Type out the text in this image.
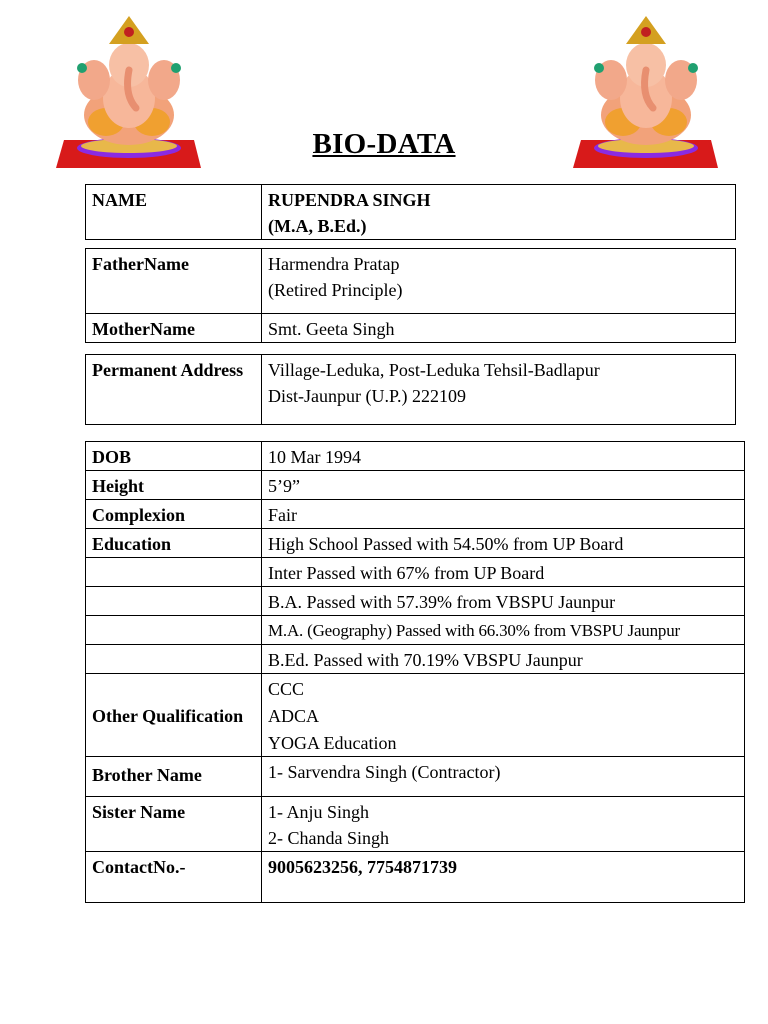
BIO-DATA
NAME	RUPENDRA SINGH
(M.A, B.Ed.)
FatherName	Harmendra Pratap
(Retired Principle)

MotherName	Smt. Geeta Singh
Permanent Address	Village-Leduka, Post-Leduka Tehsil-Badlapur
Dist-Jaunpur (U.P.) 222109
DOB	10 Mar 1994
Height	5’9”
Complexion	Fair
Education	High School Passed with 54.50% from UP Board
	Inter Passed with 67% from UP Board
	B.A. Passed with 57.39% from VBSPU Jaunpur
	M.A. (Geography) Passed with 66.30% from VBSPU Jaunpur
	B.Ed. Passed with 70.19% VBSPU Jaunpur
Other Qualification	CCC
ADCA
YOGA Education

Brother Name	1- Sarvendra Singh (Contractor)
Sister Name	1- Anju Singh
2- Chanda Singh

ContactNo.-	9005623256, 7754871739
